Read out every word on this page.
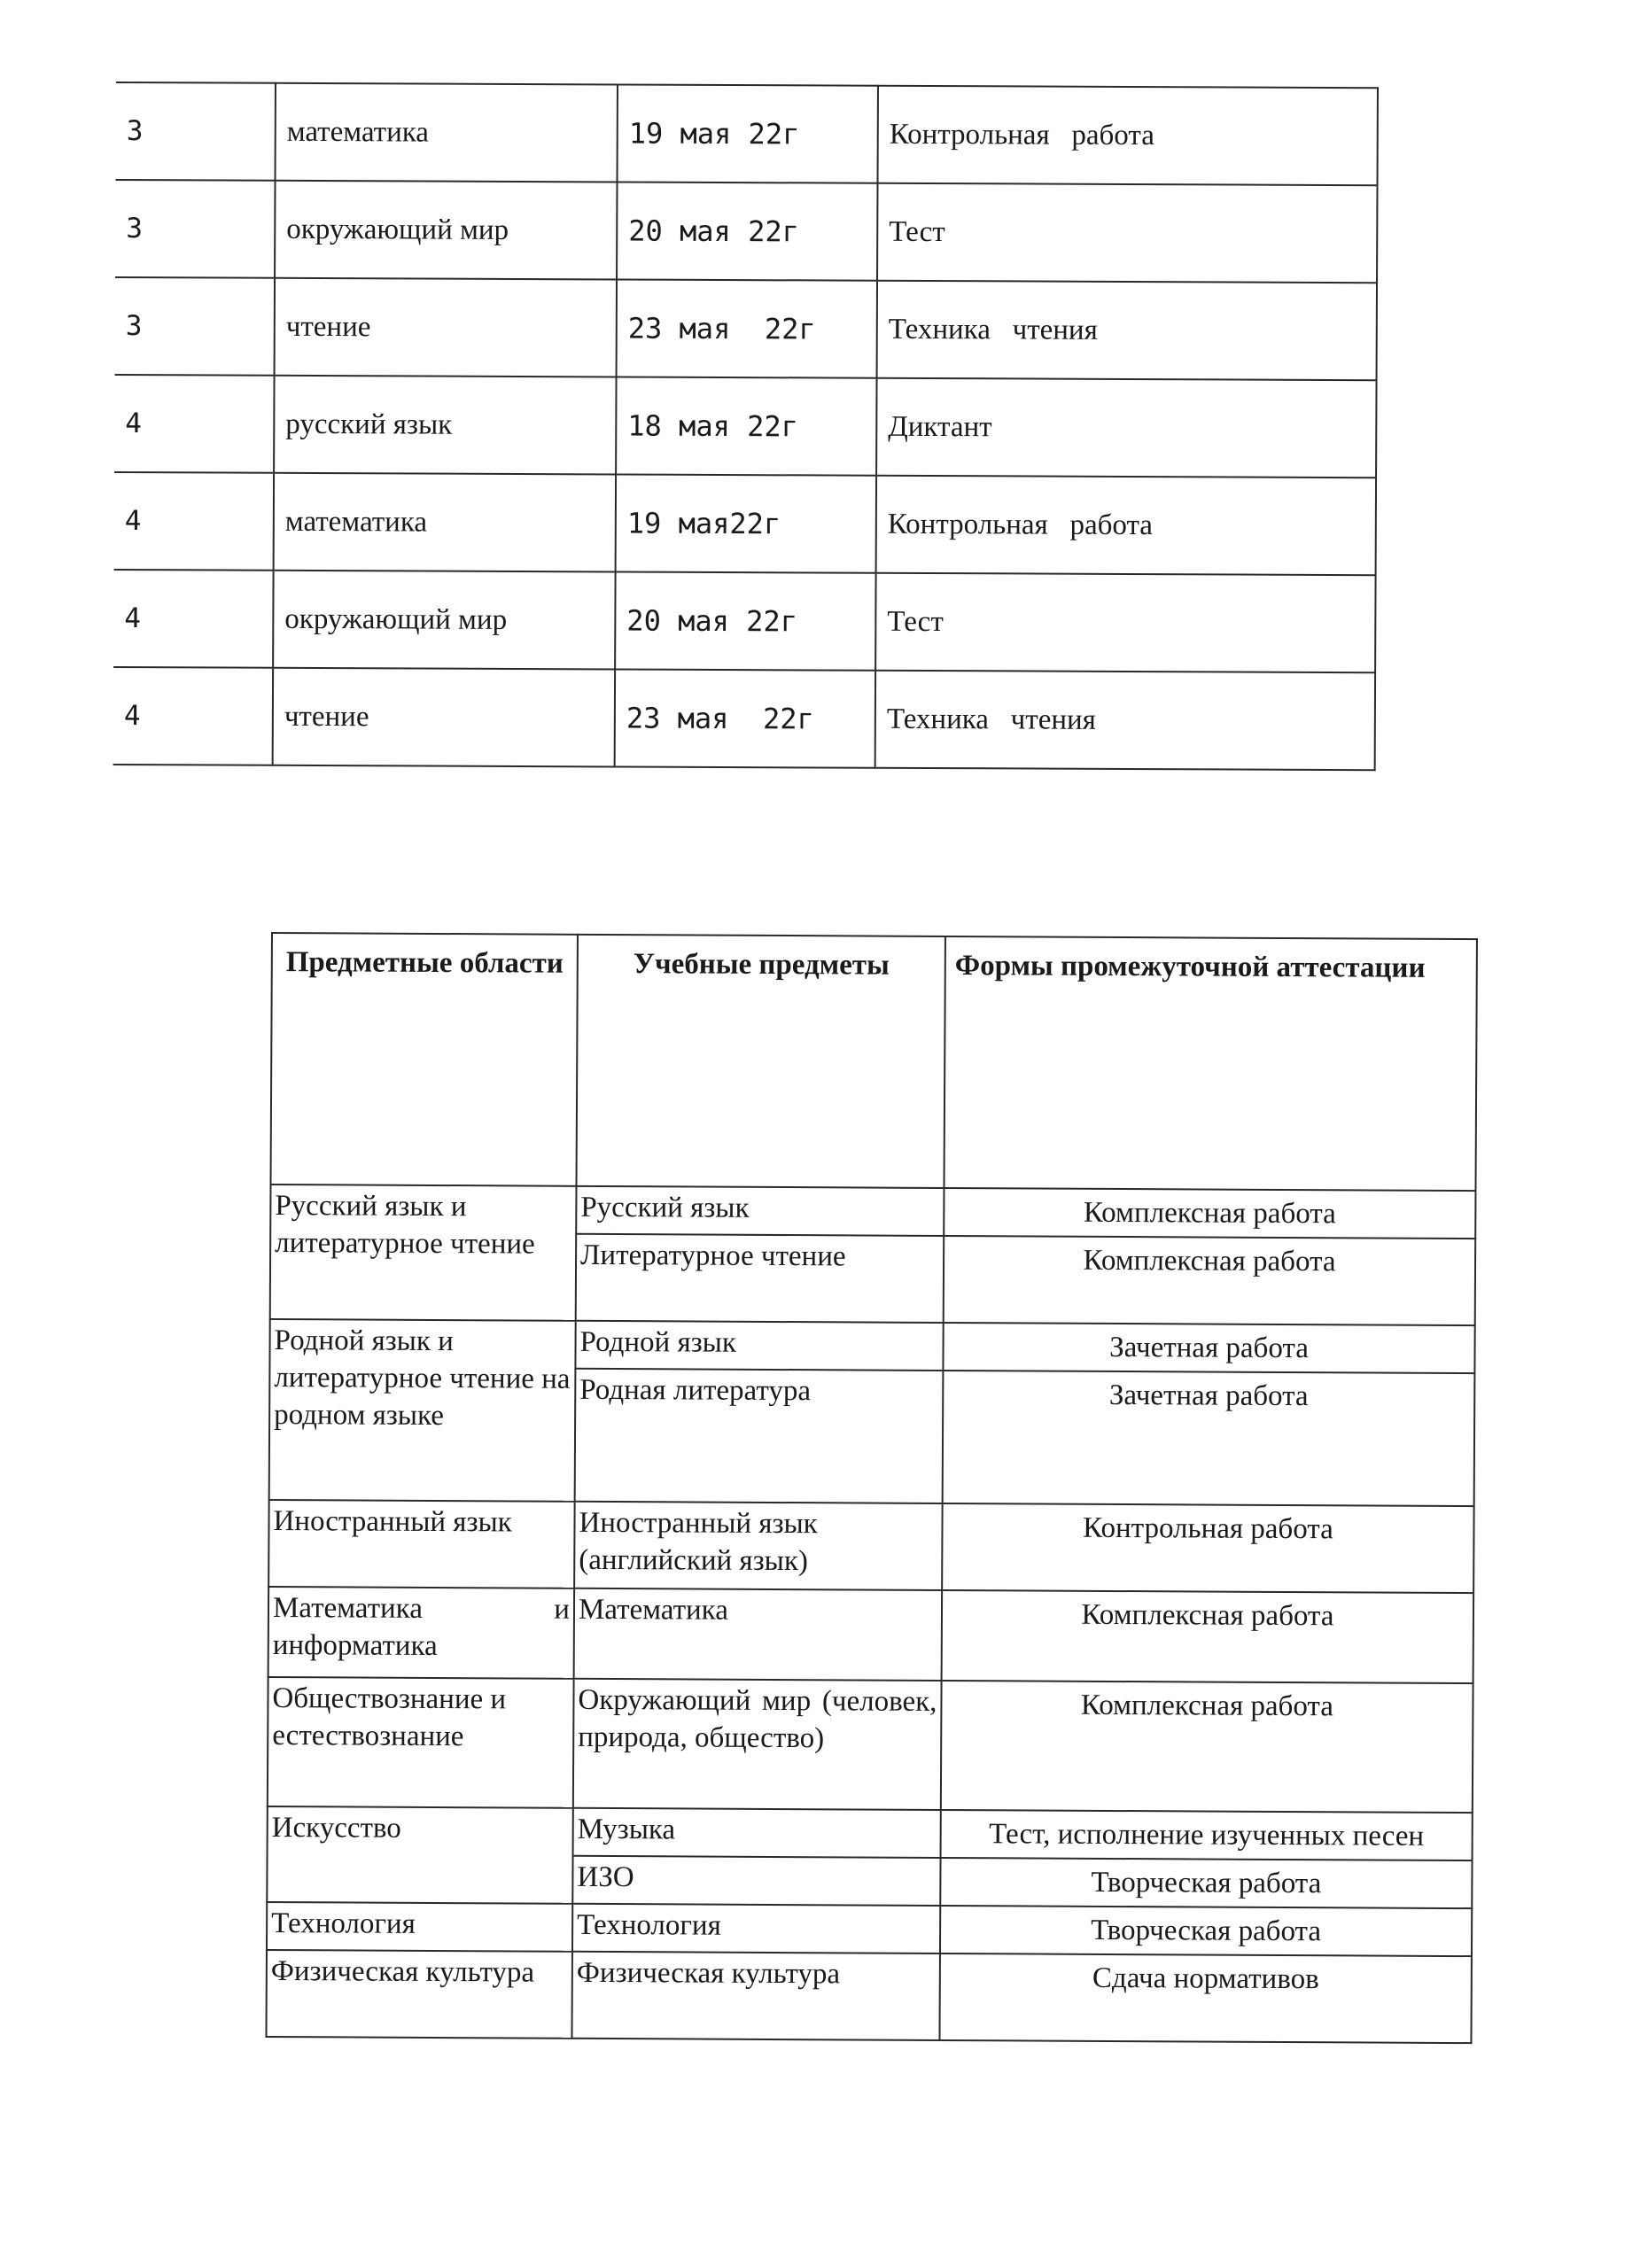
3	математика	19 мая 22г	Контрольная   работа
3	окружающий мир	20 мая 22г	Тест
3	чтение	23 мая  22г	Техника   чтения
4	русский язык	18 мая 22г	Диктант
4	математика	19 мая22г	Контрольная   работа
4	окружающий мир	20 мая 22г	Тест
4	чтение	23 мая  22г	Техника   чтения
Предметные области	Учебные предметы	Формы промежуточной аттестации
Русский язык и литературное чтение	Русский язык	Комплексная работа
	Литературное чтение	Комплексная работа
Родной язык и литературное чтение на родном языке	Родной язык	Зачетная работа
	Родная литература	Зачетная работа
Иностранный язык	Иностранный язык (английский язык)	Контрольная работа
Математика и информатика	Математика	Комплексная работа
Обществознание и естествознание	Окружающий мир (человек, природа, общество)	Комплексная работа
Искусство	Музыка	Тест, исполнение изученных песен
	ИЗО	Творческая работа
Технология	Технология	Творческая работа
Физическая культура	Физическая культура	Сдача нормативов
